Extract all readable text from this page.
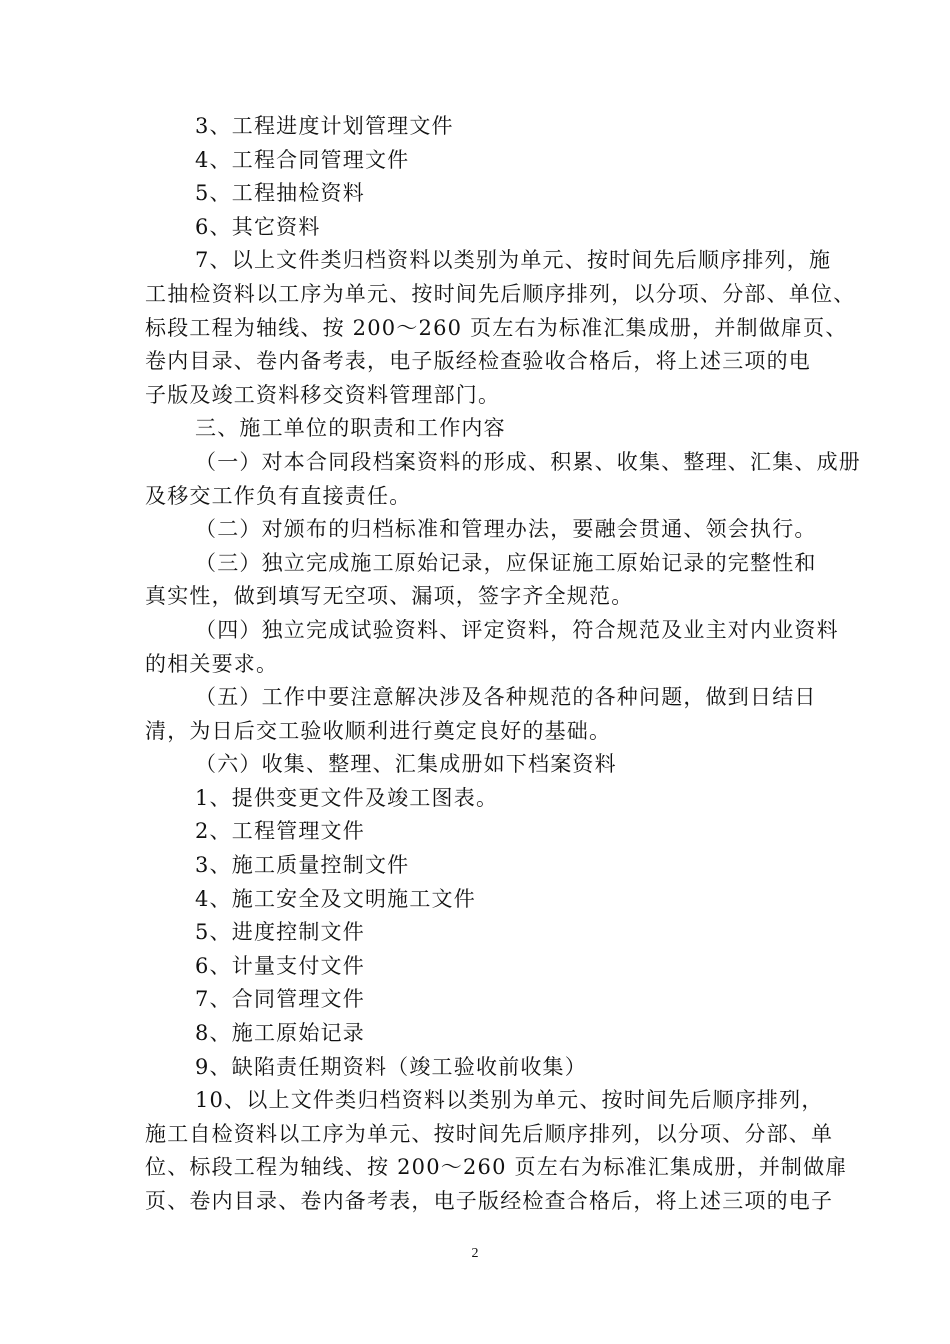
3、工程进度计划管理文件
4、工程合同管理文件
5、工程抽检资料
6、其它资料
7、以上文件类归档资料以类别为单元、按时间先后顺序排列，施
工抽检资料以工序为单元、按时间先后顺序排列，以分项、分部、单位、
标段工程为轴线、按 200～260 页左右为标准汇集成册，并制做扉页、
卷内目录、卷内备考表，电子版经检查验收合格后，将上述三项的电
子版及竣工资料移交资料管理部门。
三、施工单位的职责和工作内容
（一）对本合同段档案资料的形成、积累、收集、整理、汇集、成册
及移交工作负有直接责任。
（二）对颁布的归档标准和管理办法，要融会贯通、领会执行。
（三）独立完成施工原始记录，应保证施工原始记录的完整性和
真实性，做到填写无空项、漏项，签字齐全规范。
（四）独立完成试验资料、评定资料，符合规范及业主对内业资料
的相关要求。
（五）工作中要注意解决涉及各种规范的各种问题，做到日结日
清，为日后交工验收顺利进行奠定良好的基础。
（六）收集、整理、汇集成册如下档案资料
1、提供变更文件及竣工图表。
2、工程管理文件
3、施工质量控制文件
4、施工安全及文明施工文件
5、进度控制文件
6、计量支付文件
7、合同管理文件
8、施工原始记录
9、缺陷责任期资料（竣工验收前收集）
10、以上文件类归档资料以类别为单元、按时间先后顺序排列，
施工自检资料以工序为单元、按时间先后顺序排列，以分项、分部、单
位、标段工程为轴线、按 200～260 页左右为标准汇集成册，并制做扉
页、卷内目录、卷内备考表，电子版经检查合格后，将上述三项的电子
2
